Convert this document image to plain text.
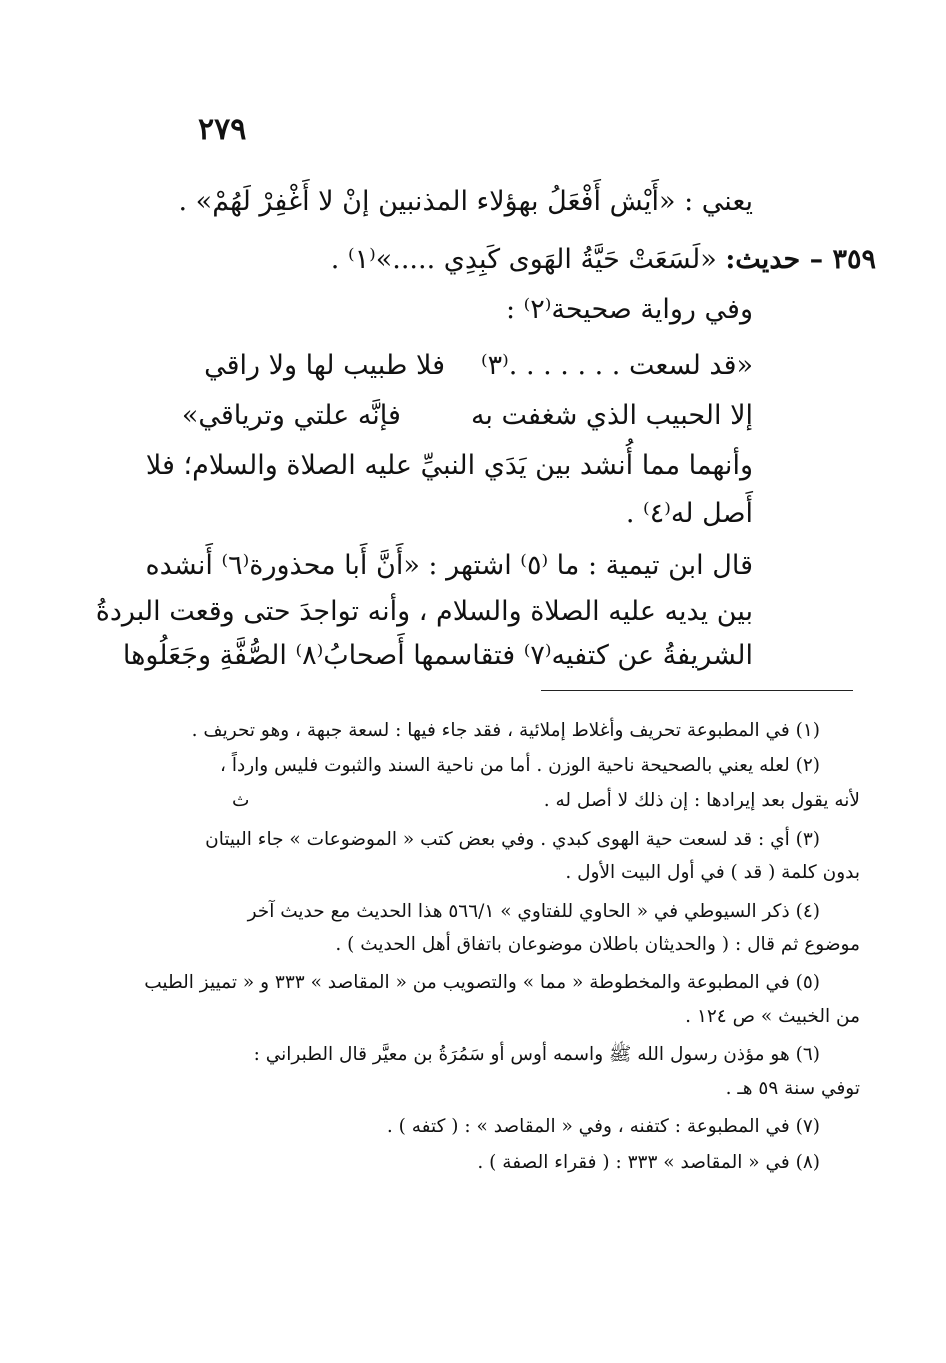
٢٧٩
يعني : «أَيْش أَفْعَلُ بهؤلاء المذنبين إنْ لا أَغْفِرْ لَهُمْ» .
٣٥٩ – حديث: «لَسَعَتْ حَيَّةُ الهَوى كَبِدِي .....»⁽١⁾ .
وفي رواية صحيحة⁽٢⁾ :
«قد لسعت . . . . . . .⁽٣⁾فلا طبيب لها ولا راقي
إلا الحبيب الذي شغفت بهفإنَّه علتي وترياقي»
وأنهما مما أُنشد بين يَدَي النبيِّ عليه الصلاة والسلام؛ فلا
أَصل له⁽٤⁾ .
قال ابن تيمية : ما ⁽٥⁾ اشتهر : «أَنَّ أَبا محذورة⁽٦⁾ أَنشده
بين يديه عليه الصلاة والسلام ، وأنه تواجدَ حتى وقعت البردةُ
الشريفةُ عن كتفيه⁽٧⁾ فتقاسمها أَصحابُ⁽٨⁾ الصُّفَّةِ وجَعَلُوها
(١) في المطبوعة تحريف وأغلاط إملائية ، فقد جاء فيها : لسعة جبهة ، وهو تحريف .
(٢) لعله يعني بالصحيحة ناحية الوزن . أما من ناحية السند والثبوت فليس وارداً ،
لأنه يقول بعد إيرادها : إن ذلك لا أصل له .
ث
(٣) أي : قد لسعت حية الهوى كبدي . وفي بعض كتب « الموضوعات » جاء البيتان
بدون كلمة ( قد ) في أول البيت الأول .
(٤) ذكر السيوطي في « الحاوي للفتاوي » ٥٦٦/١ هذا الحديث مع حديث آخر
موضوع ثم قال : ( والحديثان باطلان موضوعان باتفاق أهل الحديث ) .
(٥) في المطبوعة والمخطوطة « مما » والتصويب من « المقاصد » ٣٣٣ و « تمييز الطيب
من الخبيث » ص ١٢٤ .
(٦) هو مؤذن رسول الله ﷺ واسمه أوس أو سَمُرَةُ بن معيَّر قال الطبراني :
توفي سنة ٥٩ هـ .
(٧) في المطبوعة : كتفنه ، وفي « المقاصد » : ( كتفه ) .
(٨) في « المقاصد » ٣٣٣ : ( فقراء الصفة ) .
